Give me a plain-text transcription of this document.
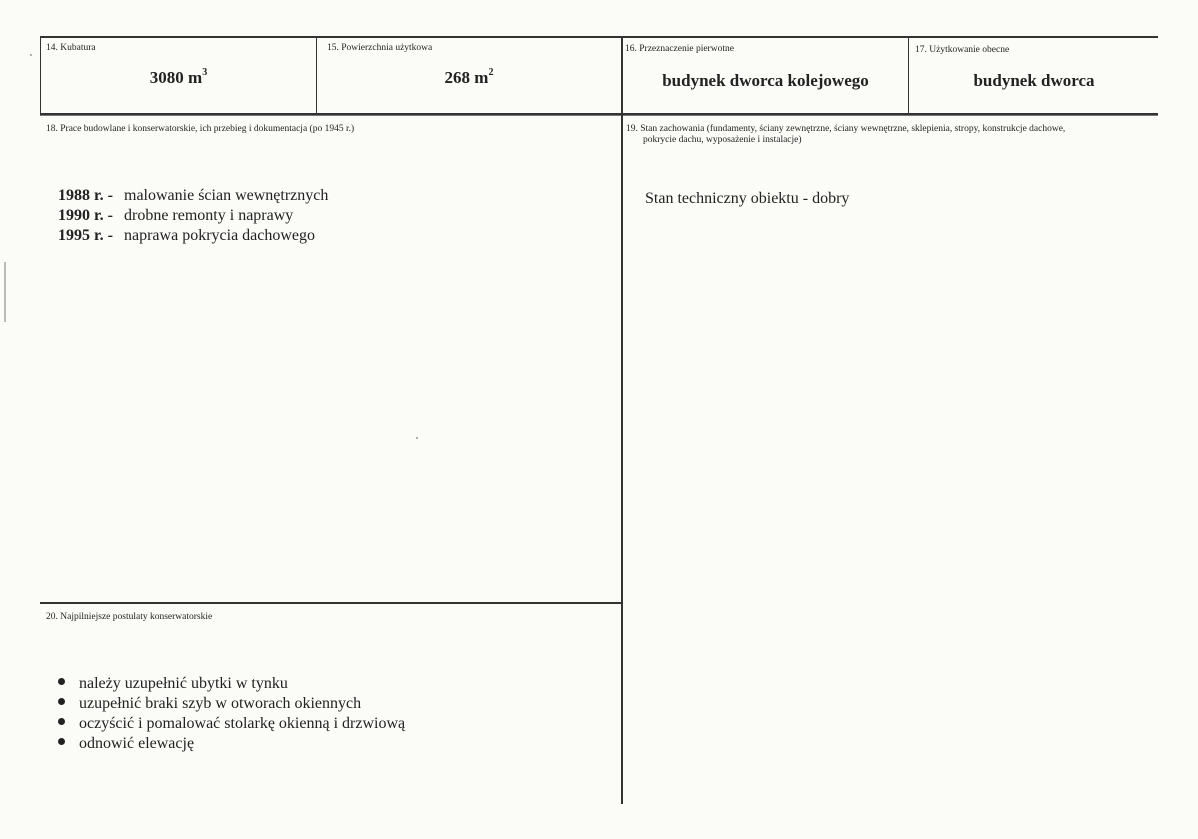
14. Kubatura
3080 $m^3$
15. Powierzchnia użytkowa
268 $m^2$
16. Przeznaczenie pierwotne
budynek dworca kolejowego
17. Użytkowanie obecne
budynek dworca
18. Prace budowlane i konserwatorskie, ich przebieg i dokumentacja (po 1945 r.)
1988 r. - malowanie ścian wewnętrznych
1990 r. - drobne remonty i naprawy
1995 r. - naprawa pokrycia dachowego
19. Stan zachowania (fundamenty, ściany zewnętrzne, ściany wewnętrzne, sklepienia, stropy, konstrukcje dachowe,
pokrycie dachu, wyposażenie i instalacje)
Stan techniczny obiektu - dobry
20. Najpilniejsze postulaty konserwatorskie
należy uzupełnić ubytki w tynku
uzupełnić braki szyb w otworach okiennych
oczyścić i pomalować stolarkę okienną i drzwiową
odnowić elewację
